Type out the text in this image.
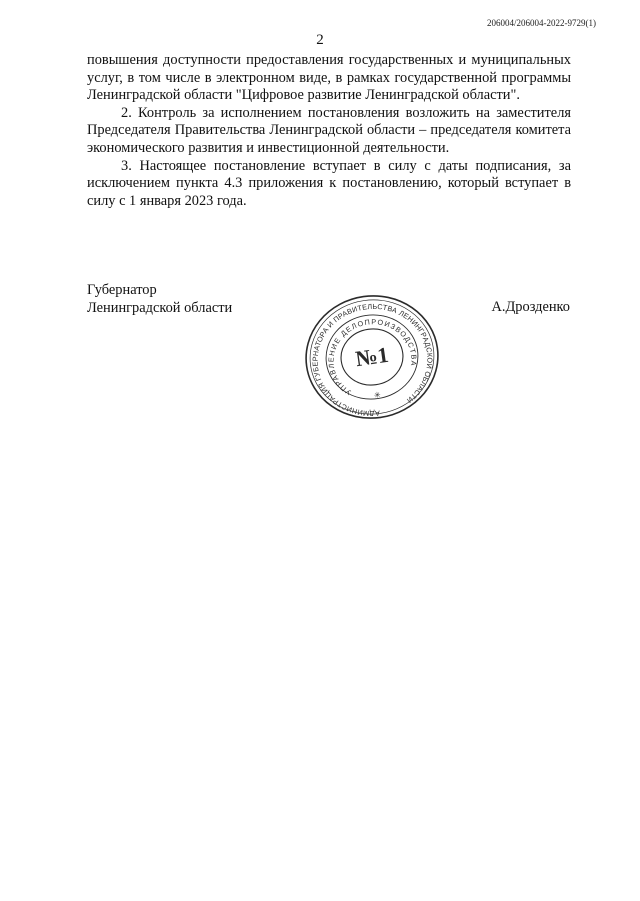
206004/206004-2022-9729(1)
2

повышения доступности предоставления государственных и муниципальных услуг, в том числе в электронном виде, в рамках государственной программы Ленинградской области "Цифровое развитие Ленинградской области".

2. Контроль за исполнением постановления возложить на заместителя Председателя Правительства Ленинградской области – председателя комитета экономического развития и инвестиционной деятельности.

3. Настоящее постановление вступает в силу с даты подписания, за исключением пункта 4.3 приложения к постановлению, который вступает в силу с 1 января 2023 года.

Губернатор
Ленинградской области	А.Дрозденко
АДМИНИСТРАЦИЯ ГУБЕРНАТОРА И ПРАВИТЕЛЬСТВА ЛЕНИНГРАДСКОЙ ОБЛАСТИ
УПРАВЛЕНИЕ ДЕЛОПРОИЗВОДСТВА
№1
✳
